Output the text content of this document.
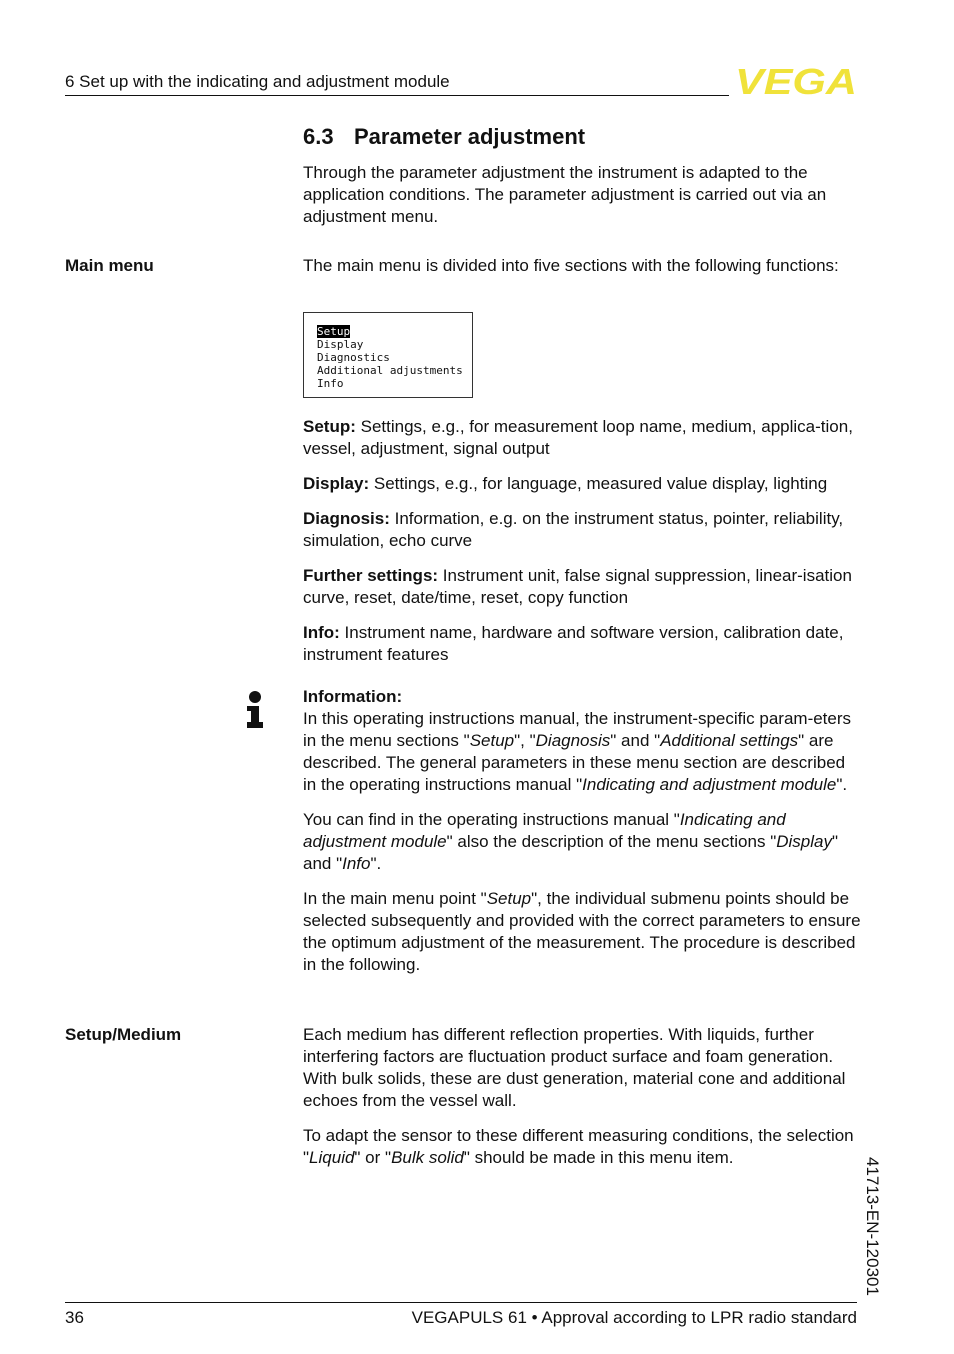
6 Set up with the indicating and adjustment module	VEGA
6.3 Parameter adjustment

Through the parameter adjustment the instrument is adapted to the application conditions. The parameter adjustment is carried out via an adjustment menu.

Main menu	The main menu is divided into five sections with the following functions:

Setup
Display
Diagnostics
Additional adjustments
Info

Setup: Settings, e.g., for measurement loop name, medium, applica-tion, vessel, adjustment, signal output

Display: Settings, e.g., for language, measured value display, lighting

Diagnosis: Information, e.g. on the instrument status, pointer, reliability, simulation, echo curve

Further settings: Instrument unit, false signal suppression, linear-isation curve, reset, date/time, reset, copy function

Info: Instrument name, hardware and software version, calibration date, instrument features

Information:
In this operating instructions manual, the instrument-specific param-eters in the menu sections "Setup", "Diagnosis" and "Additional settings" are described. The general parameters in these menu section are described in the operating instructions manual "Indicating and adjustment module".

You can find in the operating instructions manual "Indicating and adjustment module" also the description of the menu sections "Display" and "Info".

In the main menu point "Setup", the individual submenu points should be selected subsequently and provided with the correct parameters to ensure the optimum adjustment of the measurement. The procedure is described in the following.

Setup/Medium	Each medium has different reflection properties. With liquids, further interfering factors are fluctuation product surface and foam generation. With bulk solids, these are dust generation, material cone and additional echoes from the vessel wall.

To adapt the sensor to these different measuring conditions, the selection "Liquid" or "Bulk solid" should be made in this menu item.	41713-EN-120301
36	VEGAPULS 61 • Approval according to LPR radio standard
